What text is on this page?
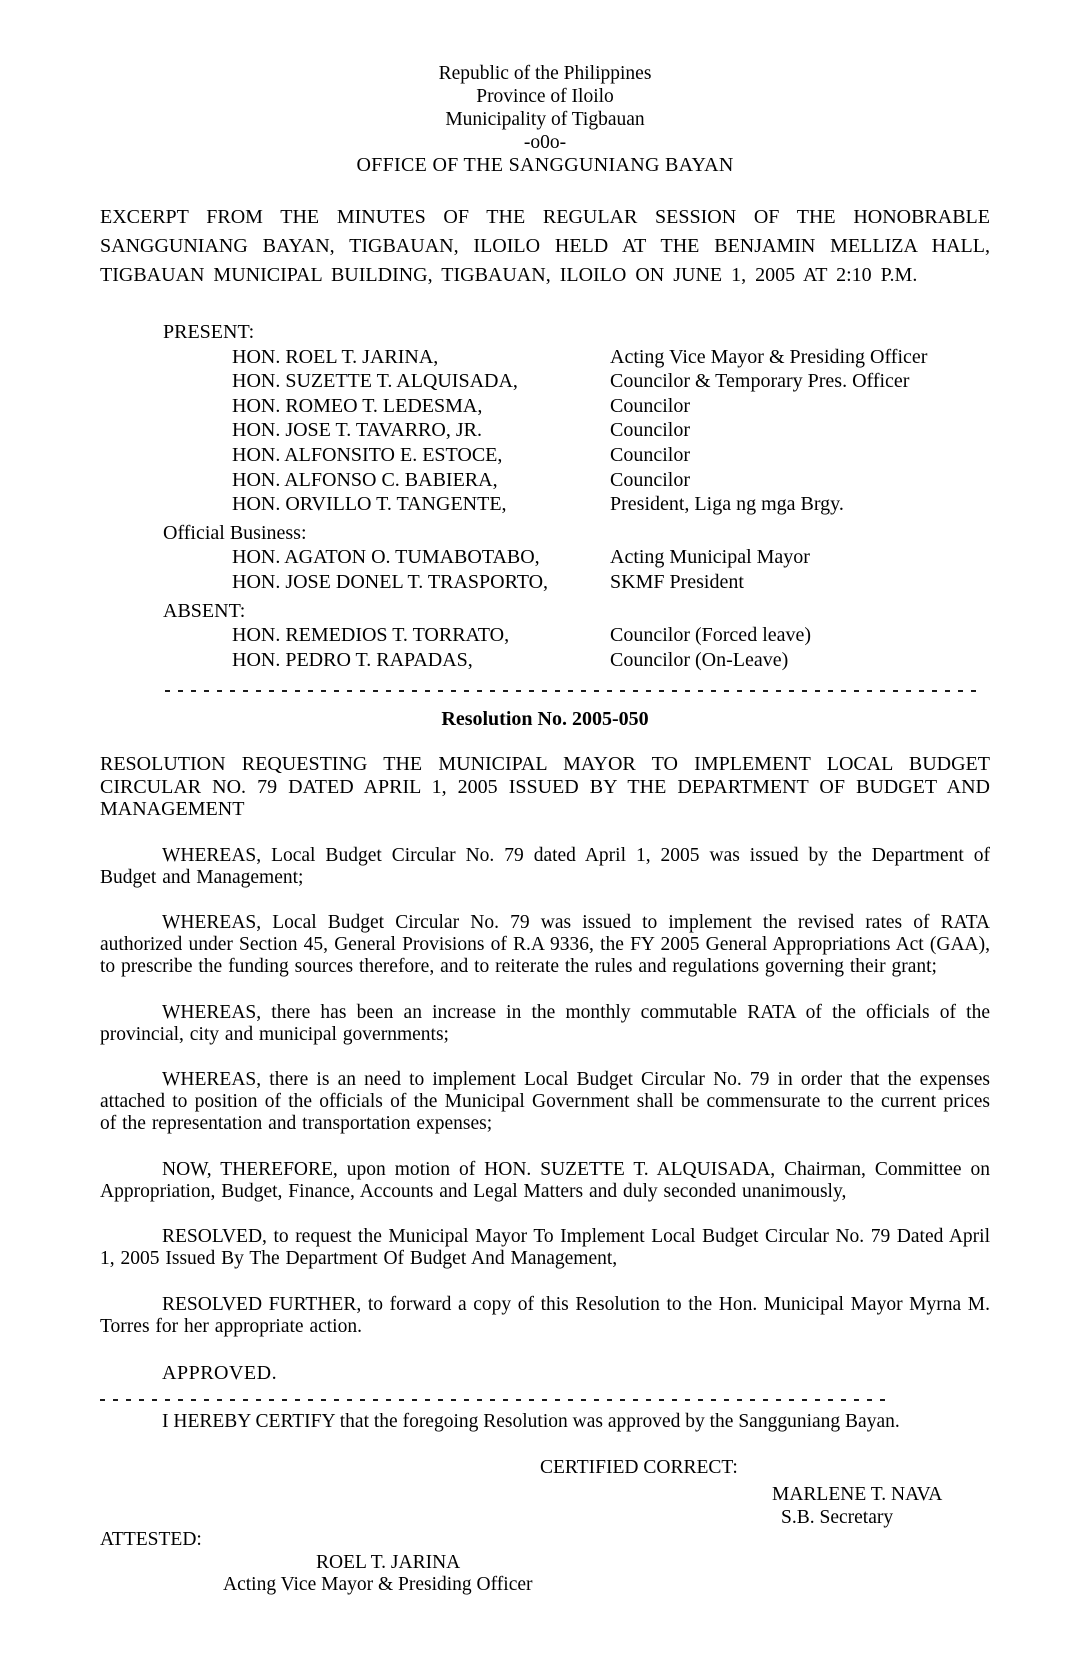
Republic of the Philippines
Province of Iloilo
Municipality of Tigbauan
-o0o-
OFFICE OF THE SANGGUNIANG BAYAN

EXCERPT FROM THE MINUTES OF THE REGULAR SESSION OF THE HONOBRABLE SANGGUNIANG BAYAN, TIGBAUAN, ILOILO HELD AT THE BENJAMIN MELLIZA HALL, TIGBAUAN MUNICIPAL BUILDING, TIGBAUAN, ILOILO ON JUNE 1, 2005 AT 2:10 P.M.

PRESENT:
HON. ROEL T. JARINA,	Acting Vice Mayor & Presiding Officer
HON. SUZETTE T. ALQUISADA,	Councilor & Temporary Pres. Officer
HON. ROMEO T. LEDESMA,	Councilor
HON. JOSE T. TAVARRO, JR.	Councilor
HON. ALFONSITO E. ESTOCE,	Councilor
HON. ALFONSO C. BABIERA,	Councilor
HON. ORVILLO T. TANGENTE,	President, Liga ng mga Brgy.
Official Business:
HON. AGATON O. TUMABOTABO,	Acting Municipal Mayor
HON. JOSE DONEL T. TRASPORTO,	SKMF President
ABSENT:
HON. REMEDIOS T. TORRATO,	Councilor (Forced leave)
HON. PEDRO T. RAPADAS,	Councilor (On-Leave)
Resolution No. 2005-050

RESOLUTION REQUESTING THE MUNICIPAL MAYOR TO IMPLEMENT LOCAL BUDGET CIRCULAR NO. 79 DATED APRIL 1, 2005 ISSUED BY THE DEPARTMENT OF BUDGET AND MANAGEMENT

WHEREAS, Local Budget Circular No. 79 dated April 1, 2005 was issued by the Department of Budget and Management;

WHEREAS, Local Budget Circular No. 79 was issued to implement the revised rates of RATA authorized under Section 45, General Provisions of R.A 9336, the FY 2005 General Appropriations Act (GAA), to prescribe the funding sources therefore, and to reiterate the rules and regulations governing their grant;

WHEREAS, there has been an increase in the monthly commutable RATA of the officials of the provincial, city and municipal governments;

WHEREAS, there is an need to implement Local Budget Circular No. 79 in order that the expenses attached to position of the officials of the Municipal Government shall be commensurate to the current prices of the representation and transportation expenses;

NOW, THEREFORE, upon motion of HON. SUZETTE T. ALQUISADA, Chairman, Committee on Appropriation, Budget, Finance, Accounts and Legal Matters and duly seconded unanimously,

RESOLVED, to request the Municipal Mayor To Implement Local Budget Circular No. 79 Dated April 1, 2005 Issued By The Department Of Budget And Management,

RESOLVED FURTHER, to forward a copy of this Resolution to the Hon. Municipal Mayor Myrna M. Torres for her appropriate action.

APPROVED.

I HEREBY CERTIFY that the foregoing Resolution was approved by the Sangguniang Bayan.

CERTIFIED CORRECT:
MARLENE T. NAVA
S.B. Secretary
ATTESTED:
ROEL T. JARINA
Acting Vice Mayor & Presiding Officer
